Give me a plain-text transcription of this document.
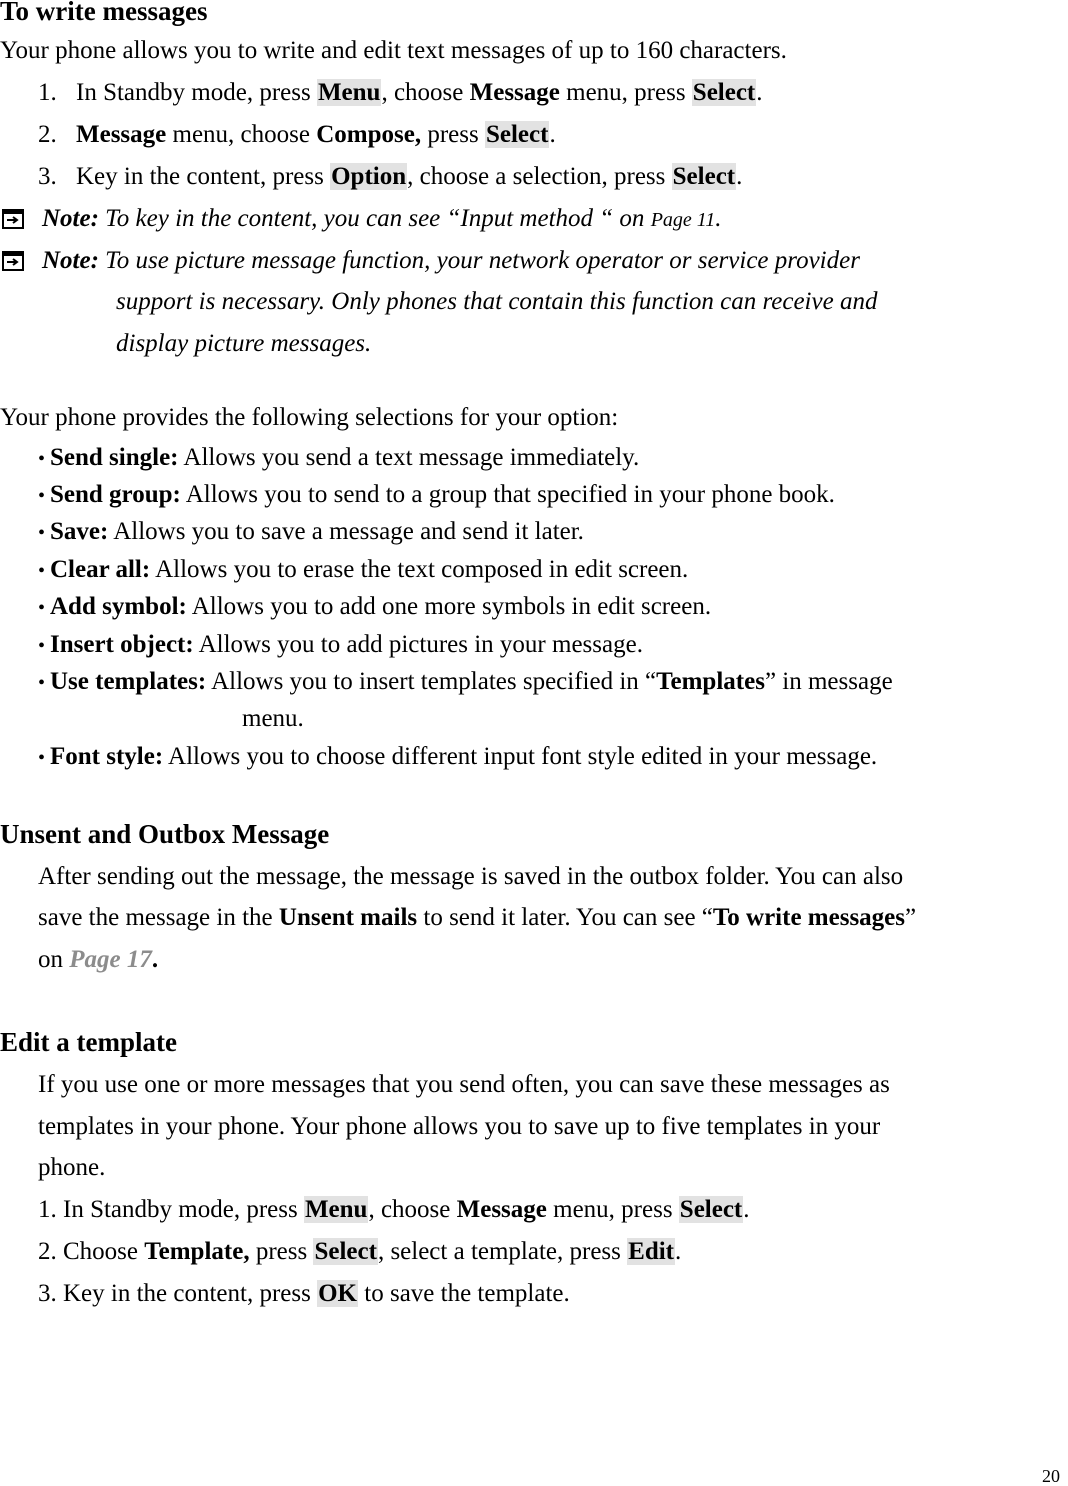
To write messages
Your phone allows you to write and edit text messages of up to 160 characters.
1. In Standby mode, press Menu, choose Message menu, press Select.
2. Message menu, choose Compose, press Select.
3. Key in the content, press Option, choose a selection, press Select.
Note: To key in the content, you can see “Input method “ on Page 11.
Note: To use picture message function, your network operator or service provider
support is necessary. Only phones that contain this function can receive and
display picture messages.
Your phone provides the following selections for your option:
• Send single: Allows you send a text message immediately.
• Send group: Allows you to send to a group that specified in your phone book.
• Save: Allows you to save a message and send it later.
• Clear all: Allows you to erase the text composed in edit screen.
• Add symbol: Allows you to add one more symbols in edit screen.
• Insert object: Allows you to add pictures in your message.
• Use templates: Allows you to insert templates specified in “Templates” in message
menu.
• Font style: Allows you to choose different input font style edited in your message.
Unsent and Outbox Message
After sending out the message, the message is saved in the outbox folder. You can also
save the message in the Unsent mails to send it later. You can see “To write messages”
on Page 17.
Edit a template
If you use one or more messages that you send often, you can save these messages as
templates in your phone. Your phone allows you to save up to five templates in your
phone.
1. In Standby mode, press Menu, choose Message menu, press Select.
2. Choose Template, press Select, select a template, press Edit.
3. Key in the content, press OK to save the template.
20
